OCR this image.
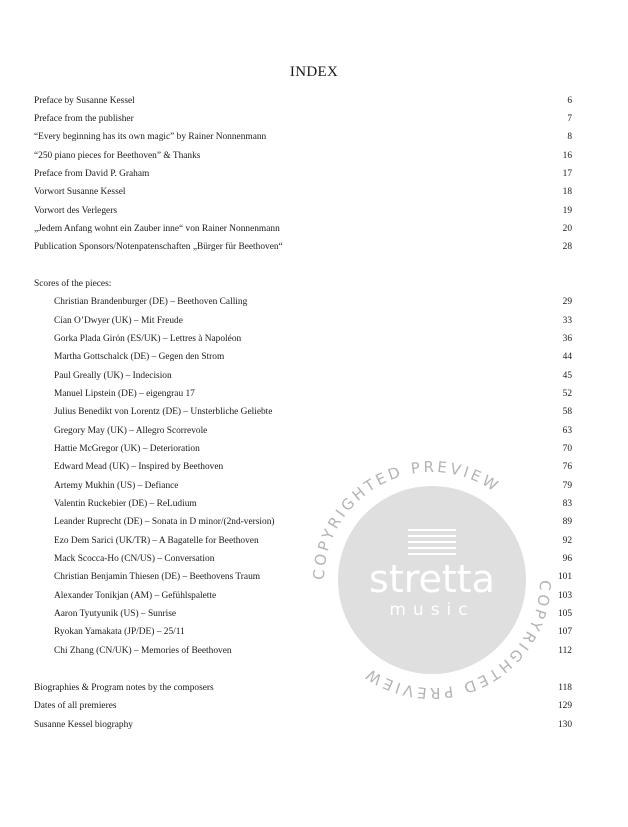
INDEX
Preface by Susanne Kessel	6
Preface from the publisher	7
“Every beginning has its own magic” by Rainer Nonnenmann	8
“250 piano pieces for Beethoven” & Thanks	16
Preface from David P. Graham	17
Vorwort Susanne Kessel	18
Vorwort des Verlegers	19
„Jedem Anfang wohnt ein Zauber inne“ von Rainer Nonnenmann	20
Publication Sponsors/Notenpatenschaften „Bürger für Beethoven“	28
Scores of the pieces:
Christian Brandenburger (DE) – Beethoven Calling	29
Cian O’Dwyer (UK) – Mit Freude	33
Gorka Plada Girón (ES/UK) – Lettres à Napoléon	36
Martha Gottschalck (DE) – Gegen den Strom	44
Paul Greally (UK) – Indecision	45
Manuel Lipstein (DE) – eigengrau 17	52
Julius Benedikt von Lorentz (DE) – Unsterbliche Geliebte	58
Gregory May (UK) – Allegro Scorrevole	63
Hattie McGregor (UK) – Deterioration	70
Edward Mead (UK) – Inspired by Beethoven	76
Artemy Mukhin (US) – Defiance	79
Valentin Ruckebier (DE) – ReLudium	83
Leander Ruprecht (DE) – Sonata in D minor/(2nd-version)	89
Ezo Dem Sarici (UK/TR) – A Bagatelle for Beethoven	92
Mack Scocca-Ho (CN/US) – Conversation	96
Christian Benjamin Thiesen (DE) – Beethovens Traum	101
Alexander Tonikjan (AM) – Gefühlspalette	103
Aaron Tyutyunik (US) – Sunrise	105
Ryokan Yamakata (JP/DE) – 25/11	107
Chi Zhang (CN/UK) – Memories of Beethoven	112
Biographies & Program notes by the composers	118
Dates of all premieres	129
Susanne Kessel biography	130
COPYRIGHTED PREVIEW
COPYRIGHTED PREVIEW
stretta
music
